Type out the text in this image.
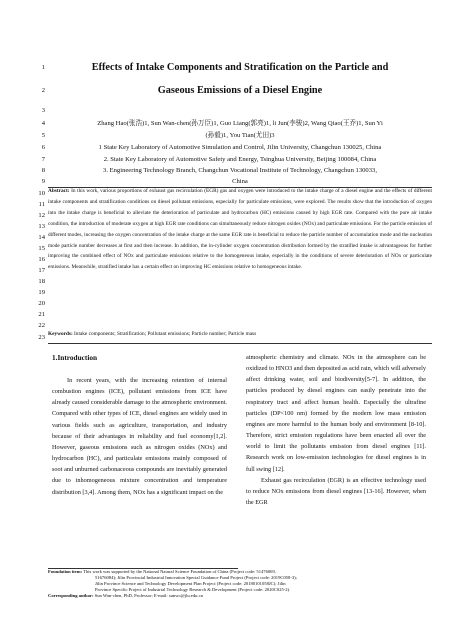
1
2
3
4
5
6
7
8
9
10
11
12
13
14
15
16
17
18
19
20
21
22
23
Effects of Intake Components and Stratification on the Particle and
Gaseous Emissions of a Diesel Engine
Zhang Hao(张浩)1, Sun Wan-chen(孙万臣)1, Guo Liang(郭亮)1, li Jun(李骏)2, Wang Qiao(王乔)1, Sun Yi
(孙毅)1, You Tian(尤田)3
1 State Key Laboratory of Automotive Simulation and Control, Jilin University, Changchun 130025, China
2. State Key Laboratory of Automotive Safety and Energy, Tsinghua University, Beijing 100084, China
3. Engineering Technology Branch, Changchun Vocational Institute of Technology, Changchun 130033,
China
Abstract: In this work, various proportions of exhaust gas recirculation (EGR) gas and oxygen were introduced to the intake charge of a diesel engine and the effects of different intake components and stratification conditions on diesel pollutant emissions, especially for particulate emissions, were explored. The results show that the introduction of oxygen into the intake charge is beneficial to alleviate the deterioration of particulate and hydrocarbon (HC) emissions caused by high EGR rate. Compared with the pure air intake condition, the introduction of moderate oxygen at high EGR rate conditions can simultaneously reduce nitrogen oxides (NOx) and particulate emissions. For the particle emission of different modes, increasing the oxygen concentration of the intake charge at the same EGR rate is beneficial to reduce the particle number of accumulation mode and the nucleation mode particle number decreases at first and then increase. In addition, the in-cylinder oxygen concentration distribution formed by the stratified intake is advantageous for further improving the combined effect of NOx and particulate emissions relative to the homogeneous intake, especially in the conditions of severe deterioration of NOx or particulate emissions. Meanwhile, stratified intake has a certain effect on improving HC emissions relative to homogeneous intake.
Keywords: Intake components; Stratification; Pollutant emissions; Particle number; Particle mass
1.Introduction

In recent years, with the increasing retention of internal combustion engines (ICE), pollutant emissions from ICE have already caused considerable damage to the atmospheric environment. Compared with other types of ICE, diesel engines are widely used in various fields such as agriculture, transportation, and industry because of their advantages in reliability and fuel economy[1,2]. However, gaseous emissions such as nitrogen oxides (NOx) and hydrocarbon (HC), and particulate emissions mainly composed of soot and unburned carbonaceous compounds are inevitably generated due to inhomogeneous mixture concentration and temperature distribution [3,4]. Among them, NOx has a significant impact on the

atmospheric chemistry and climate. NOx in the atmosphere can be oxidized to HNO3 and then deposited as acid rain, which will adversely affect drinking water, soil and biodiversity[5-7]. In addition, the particles produced by diesel engines can easily penetrate into the respiratory tract and affect human health. Especially the ultrafine particles (DP<100 nm) formed by the modern low mass emission engines are more harmful to the human body and environment [8-10]. Therefore, strict emission regulations have been enacted all over the world to limit the pollutants emission from diesel engines [11]. Research work on low-emission technologies for diesel engines is in full swing [12].

Exhaust gas recirculation (EGR) is an effective technology used to reduce NOx emissions from diesel engines [13-16]. However, when the EGR

Foundation item: This work was supported by the National Natural Science Foundation of China (Project code: 51476069,
51676084); Jilin Provincial Industrial Innovation Special Guidance Fund Project (Project code: 2019C058-3);
Jilin Province Science and Technology Development Plan Project (Project code: 20180101058JC); Jilin
Province Specific Project of Industrial Technology Research & Development (Project code: 2020C025-2).
Corresponding author: Sun Wan-chen, PhD, Professor; E-mail: sunwc@jlu.edu.cn
